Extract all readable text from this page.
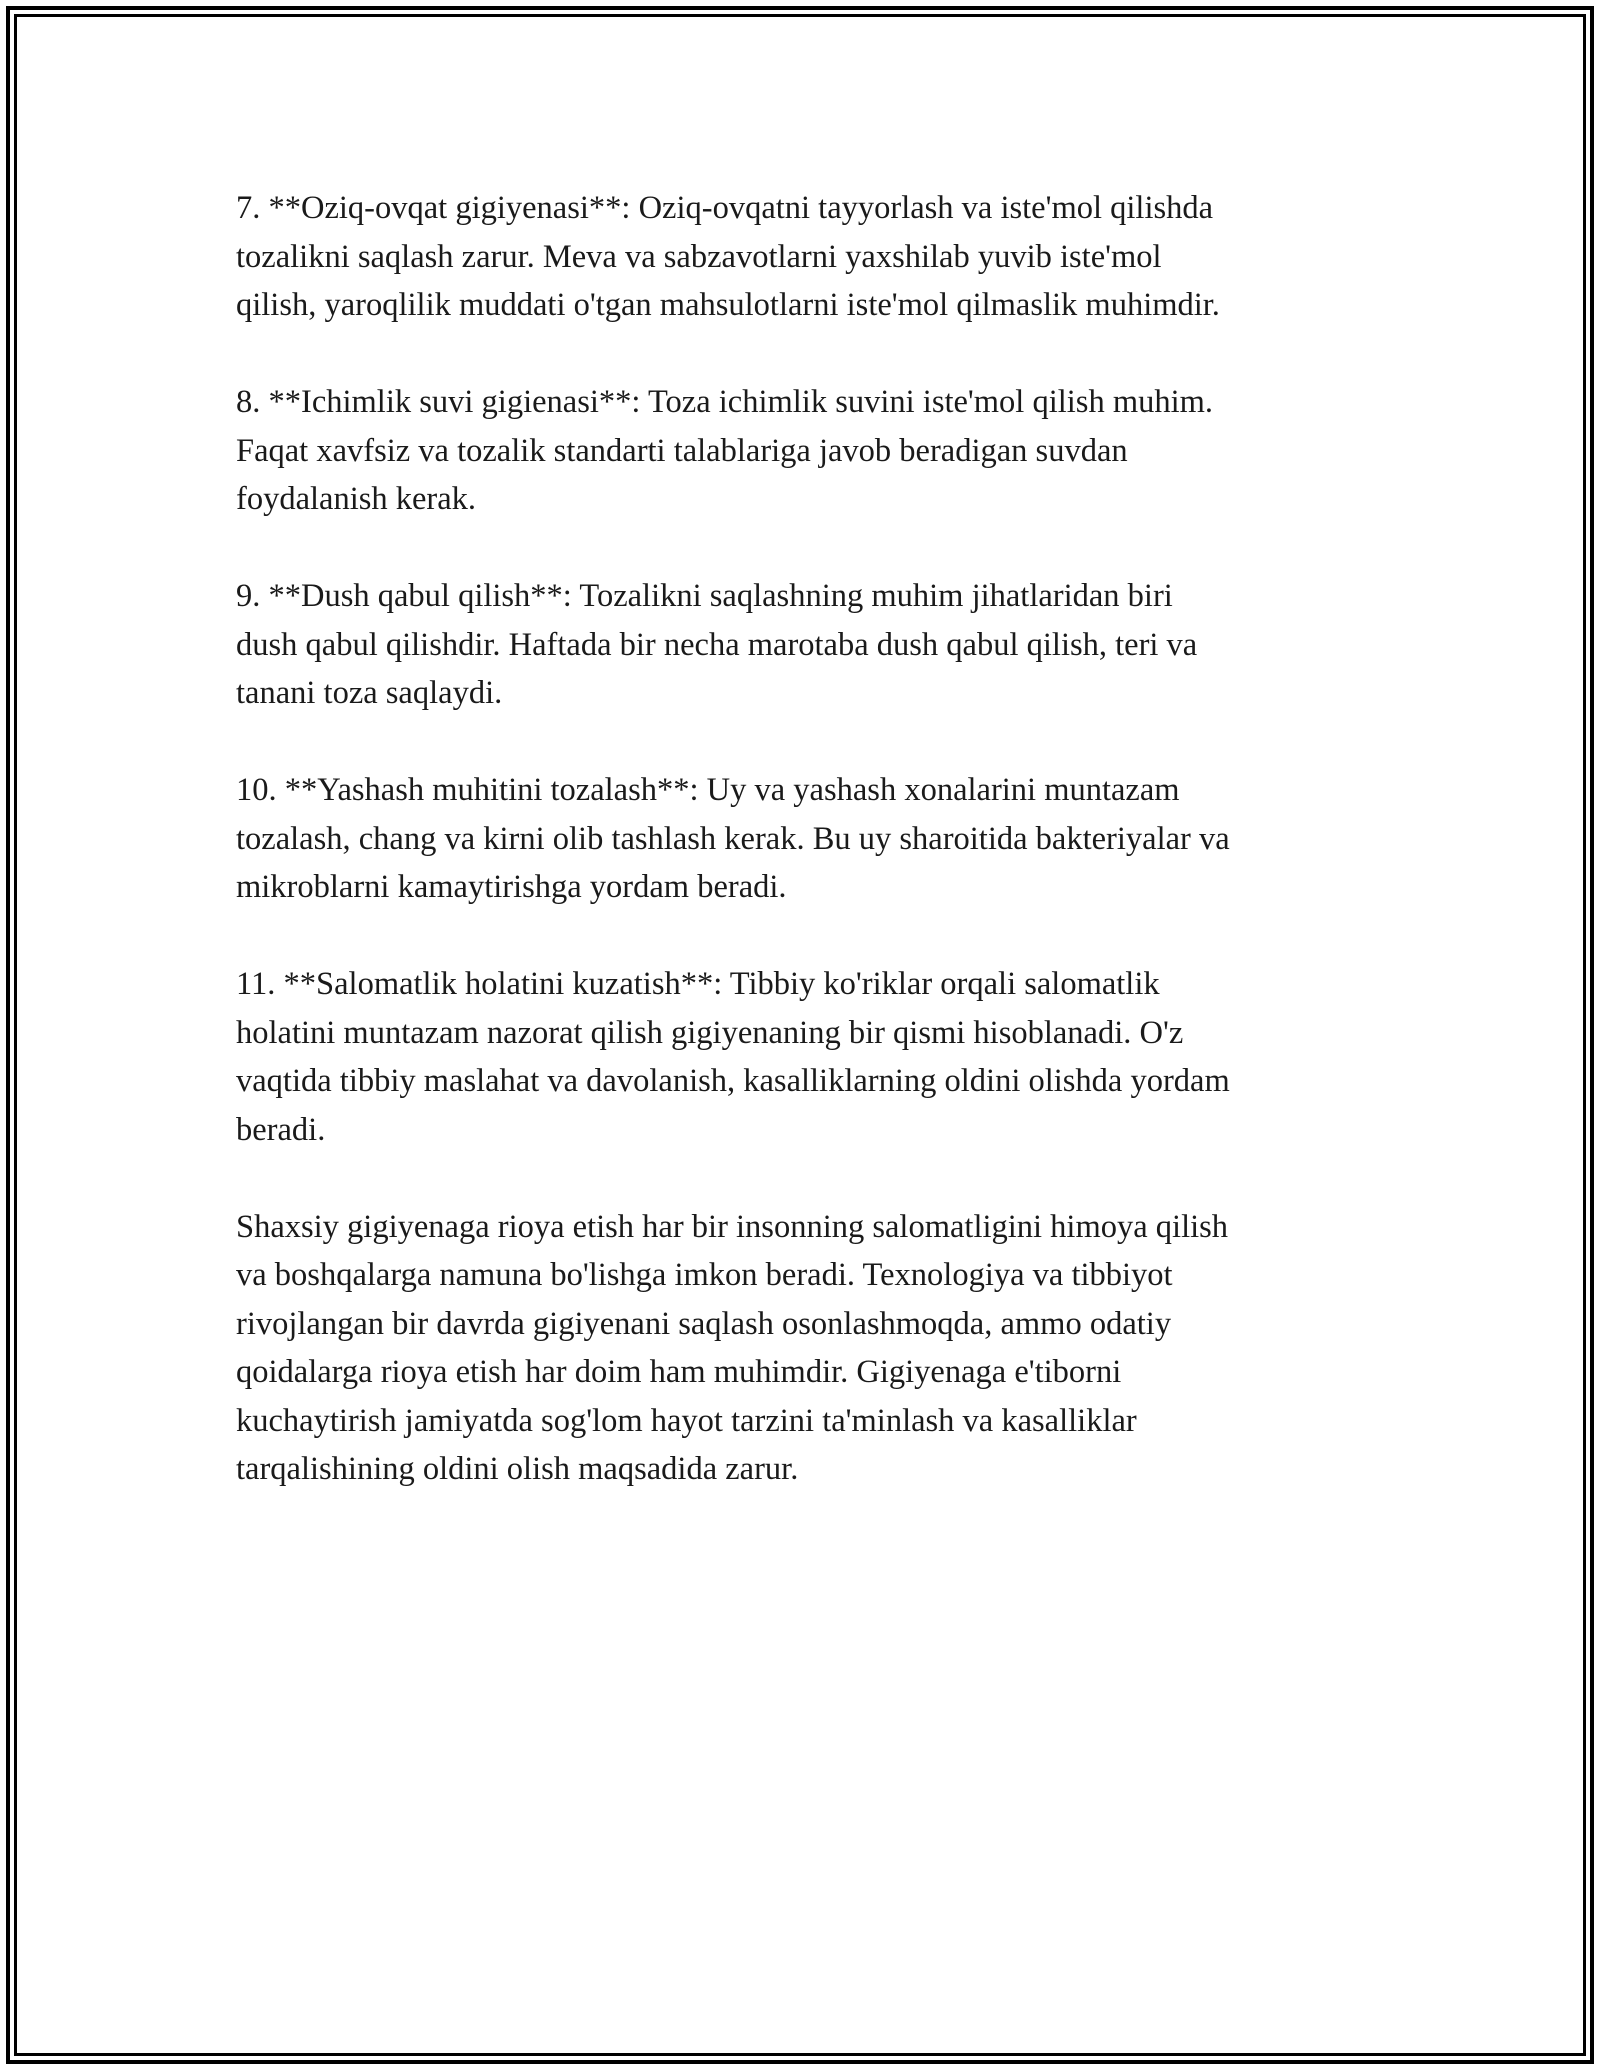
7. **Oziq-ovqat gigiyenasi**: Oziq-ovqatni tayyorlash va iste'mol qilishda
tozalikni saqlash zarur. Meva va sabzavotlarni yaxshilab yuvib iste'mol
qilish, yaroqlilik muddati o'tgan mahsulotlarni iste'mol qilmaslik muhimdir.

8. **Ichimlik suvi gigienasi**: Toza ichimlik suvini iste'mol qilish muhim.
Faqat xavfsiz va tozalik standarti talablariga javob beradigan suvdan
foydalanish kerak.

9. **Dush qabul qilish**: Tozalikni saqlashning muhim jihatlaridan biri
dush qabul qilishdir. Haftada bir necha marotaba dush qabul qilish, teri va
tanani toza saqlaydi.

10. **Yashash muhitini tozalash**: Uy va yashash xonalarini muntazam
tozalash, chang va kirni olib tashlash kerak. Bu uy sharoitida bakteriyalar va
mikroblarni kamaytirishga yordam beradi.

11. **Salomatlik holatini kuzatish**: Tibbiy ko'riklar orqali salomatlik
holatini muntazam nazorat qilish gigiyenaning bir qismi hisoblanadi. O'z
vaqtida tibbiy maslahat va davolanish, kasalliklarning oldini olishda yordam
beradi.

Shaxsiy gigiyenaga rioya etish har bir insonning salomatligini himoya qilish
va boshqalarga namuna bo'lishga imkon beradi. Texnologiya va tibbiyot
rivojlangan bir davrda gigiyenani saqlash osonlashmoqda, ammo odatiy
qoidalarga rioya etish har doim ham muhimdir. Gigiyenaga e'tiborni
kuchaytirish jamiyatda sog'lom hayot tarzini ta'minlash va kasalliklar
tarqalishining oldini olish maqsadida zarur.
